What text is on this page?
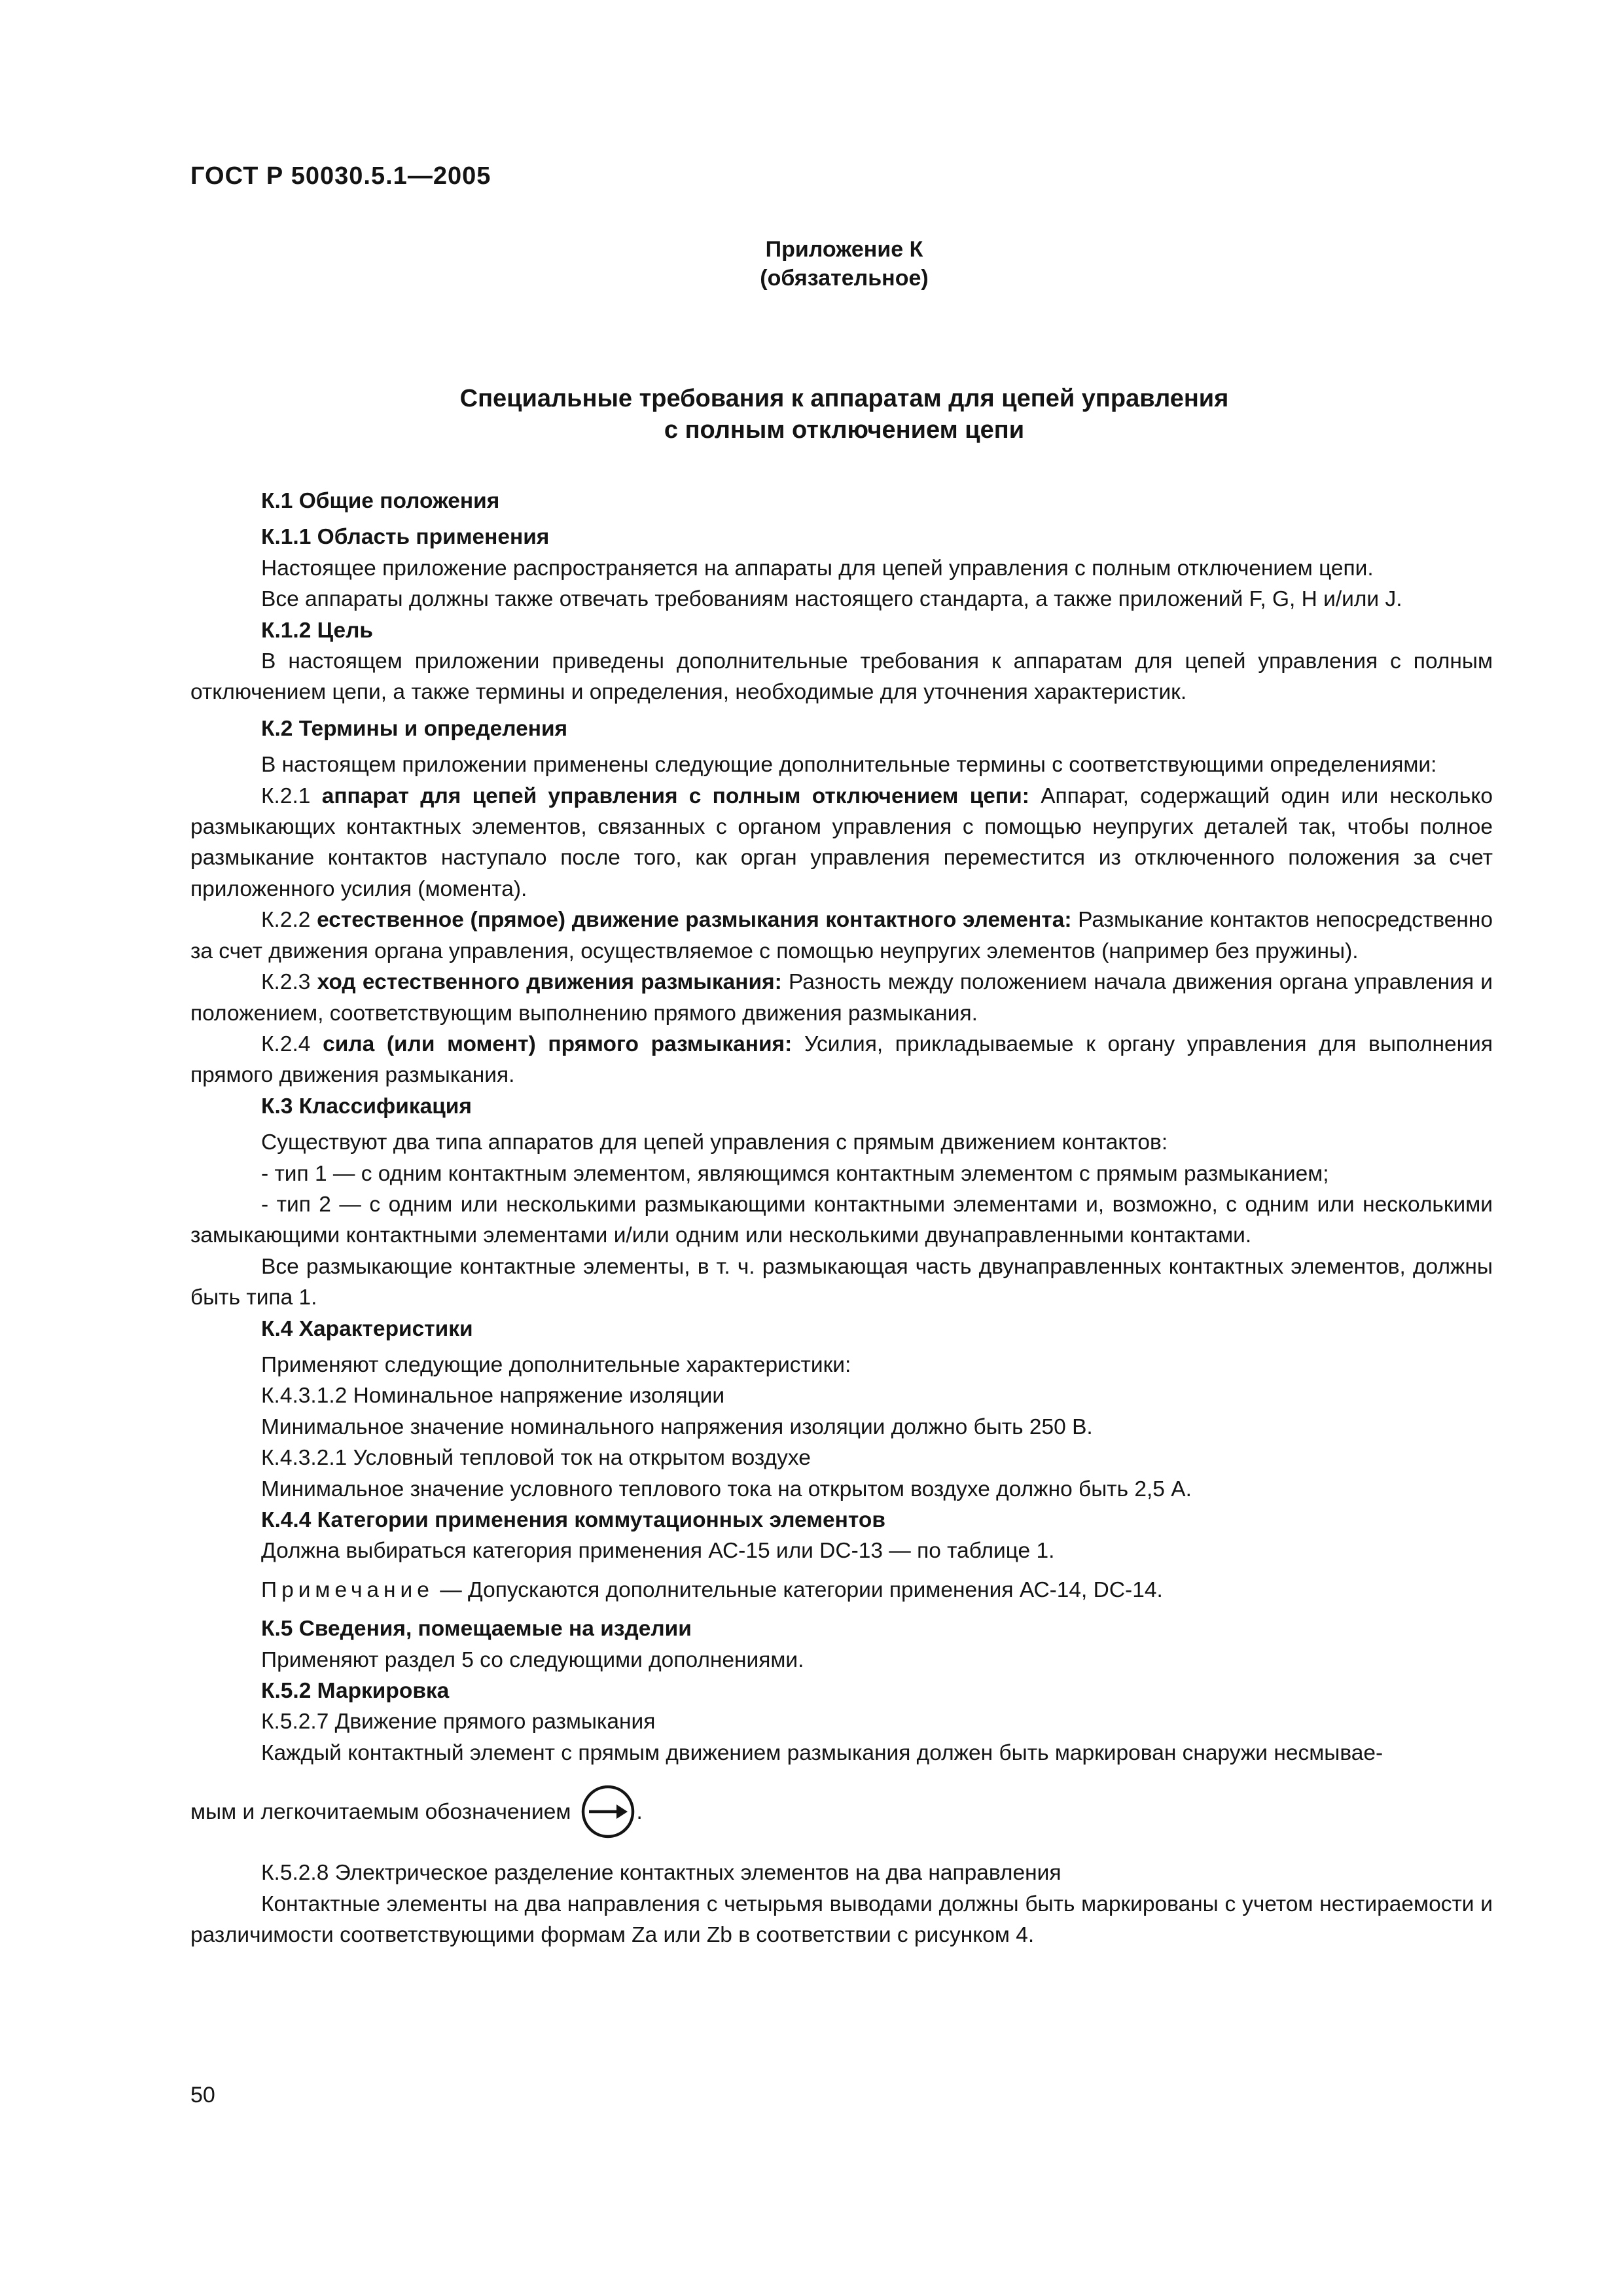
ГОСТ Р 50030.5.1—2005
Приложение К
(обязательное)
Специальные требования к аппаратам для цепей управления
с полным отключением цепи

К.1 Общие положения

К.1.1 Область применения

Настоящее приложение распространяется на аппараты для цепей управления с полным отключением цепи.

Все аппараты должны также отвечать требованиям настоящего стандарта, а также приложений F, G, H и/или J.

К.1.2 Цель

В настоящем приложении приведены дополнительные требования к аппаратам для цепей управления с полным отключением цепи, а также термины и определения, необходимые для уточнения характеристик.

К.2 Термины и определения

В настоящем приложении применены следующие дополнительные термины с соответствующими определениями:

К.2.1 аппарат для цепей управления с полным отключением цепи: Аппарат, содержащий один или несколько размыкающих контактных элементов, связанных с органом управления с помощью неупругих деталей так, чтобы полное размыкание контактов наступало после того, как орган управления переместится из отключенного положения за счет приложенного усилия (момента).

К.2.2 естественное (прямое) движение размыкания контактного элемента: Размыкание контактов непосредственно за счет движения органа управления, осуществляемое с помощью неупругих элементов (например без пружины).

К.2.3 ход естественного движения размыкания: Разность между положением начала движения органа управления и положением, соответствующим выполнению прямого движения размыкания.

К.2.4 сила (или момент) прямого размыкания: Усилия, прикладываемые к органу управления для выполнения прямого движения размыкания.

К.3 Классификация

Существуют два типа аппаратов для цепей управления с прямым движением контактов:

- тип 1 — с одним контактным элементом, являющимся контактным элементом с прямым размыканием;

- тип 2 — с одним или несколькими размыкающими контактными элементами и, возможно, с одним или несколькими замыкающими контактными элементами и/или одним или несколькими двунаправленными контактами.

Все размыкающие контактные элементы, в т. ч. размыкающая часть двунаправленных контактных элементов, должны быть типа 1.

К.4 Характеристики

Применяют следующие дополнительные характеристики:

К.4.3.1.2 Номинальное напряжение изоляции

Минимальное значение номинального напряжения изоляции должно быть 250 В.

К.4.3.2.1 Условный тепловой ток на открытом воздухе

Минимальное значение условного теплового тока на открытом воздухе должно быть 2,5 А.

К.4.4 Категории применения коммутационных элементов

Должна выбираться категория применения АС-15 или DC-13 — по таблице 1.

Примечание — Допускаются дополнительные категории применения АС-14, DC-14.

К.5 Сведения, помещаемые на изделии

Применяют раздел 5 со следующими дополнениями.

К.5.2 Маркировка

К.5.2.7 Движение прямого размыкания

Каждый контактный элемент с прямым движением размыкания должен быть маркирован снаружи несмывае-

мым и легкочитаемым обозначением	.

К.5.2.8 Электрическое разделение контактных элементов на два направления

Контактные элементы на два направления с четырьмя выводами должны быть маркированы с учетом нестираемости и различимости соответствующими формам Za или Zb в соответствии с рисунком 4.

50
